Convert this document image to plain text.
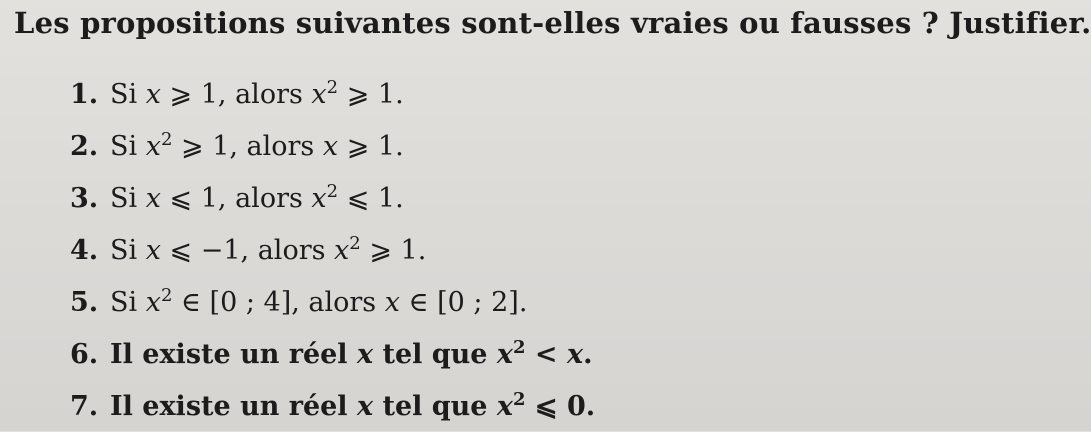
Les propositions suivantes sont-elles vraies ou fausses ? Justifier.
1. Si x ⩾ 1, alors $x^2$ ⩾ 1.
2. Si $x^2$ ⩾ 1, alors x ⩾ 1.
3. Si x ⩽ 1, alors $x^2$ ⩽ 1.
4. Si x ⩽ −1, alors $x^2$ ⩾ 1.
5. Si $x^2$ ∈ [0 ; 4], alors x ∈ [0 ; 2].
6. Il existe un réel x tel que $x^2 < x$.
7. Il existe un réel x tel que $x^2$ ⩽ 0.
